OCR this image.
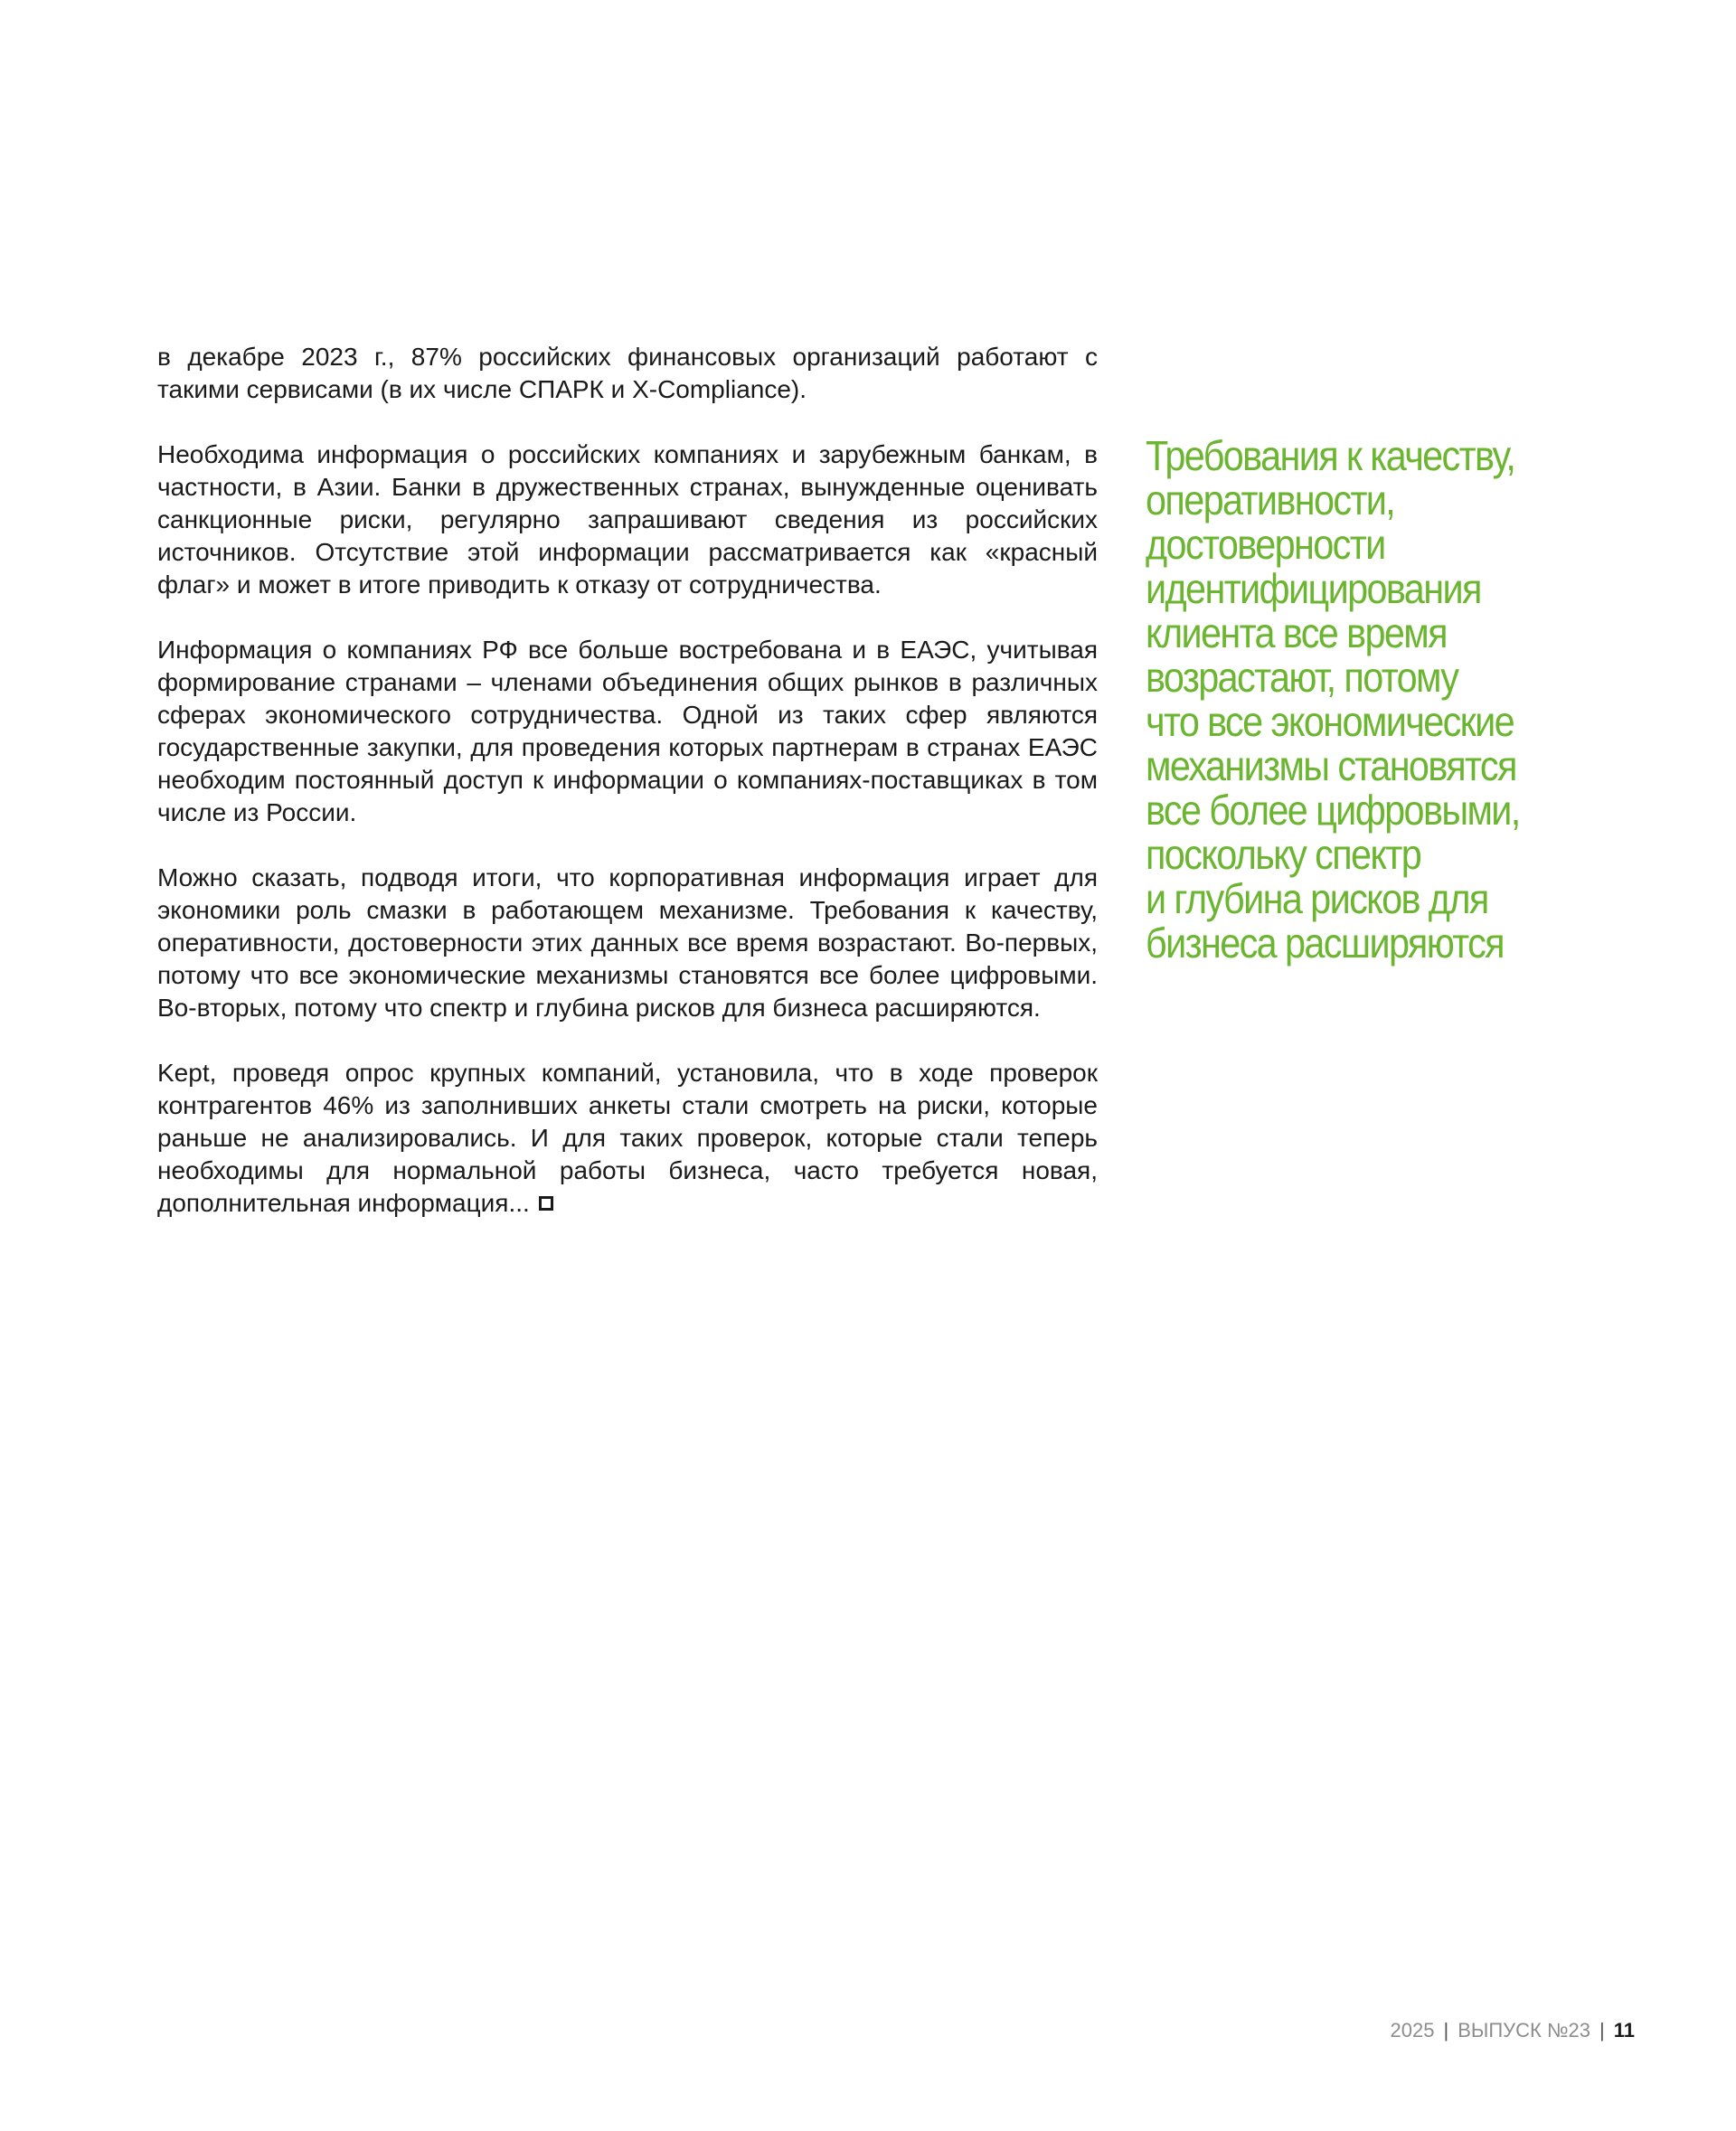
в декабре 2023 г., 87% российских финансовых организаций работают с такими сервисами (в их числе СПАРК и X-Compliance).

Необходима информация о российских компаниях и зарубежным банкам, в частности, в Азии. Банки в дружественных странах, вынужденные оценивать санкционные риски, регулярно запрашивают сведения из российских источников. Отсутствие этой информации рассматривается как «красный флаг» и может в итоге приводить к отказу от сотрудничества.

Информация о компаниях РФ все больше востребована и в ЕАЭС, учитывая формирование странами – членами объединения общих рынков в различных сферах экономического сотрудничества. Одной из таких сфер являются государственные закупки, для проведения которых партнерам в странах ЕАЭС необходим постоянный доступ к информации о компаниях-поставщиках в том числе из России.

Можно сказать, подводя итоги, что корпоративная информация играет для экономики роль смазки в работающем механизме. Требования к качеству, оперативности, достоверности этих данных все время возрастают. Во-первых, потому что все экономические механизмы становятся все более цифровыми. Во-вторых, потому что спектр и глубина рисков для бизнеса расширяются.

Kept, проведя опрос крупных компаний, установила, что в ходе проверок контрагентов 46% из заполнивших анкеты стали смотреть на риски, которые раньше не анализировались. И для таких проверок, которые стали теперь необходимы для нормальной работы бизнеса, часто требуется новая, дополнительная информация...

Требования к качеству,
оперативности,
достоверности
идентифицирования
клиента все время
возрастают, потому
что все экономические
механизмы становятся
все более цифровыми,
поскольку спектр
и глубина рисков для
бизнеса расширяются
2025 | ВЫПУСК №23 | 11
